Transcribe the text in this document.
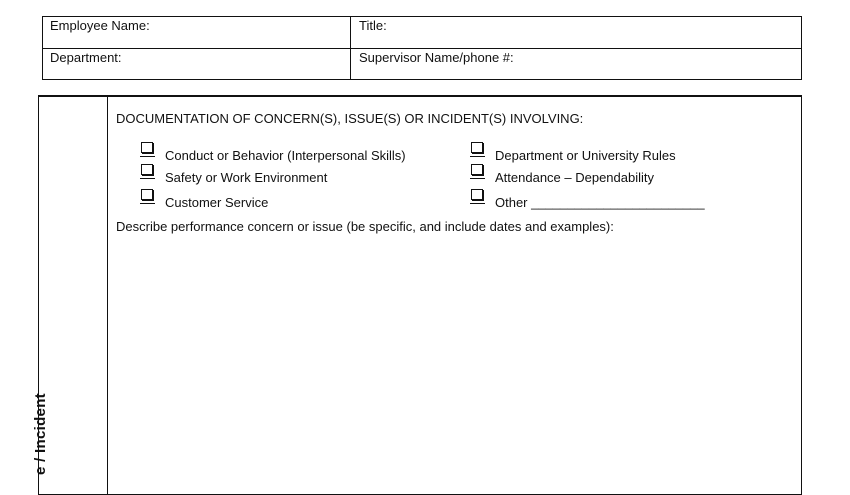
Employee Name:	Title:
Department:	Supervisor Name/phone #:
e / Incident
DOCUMENTATION OF CONCERN(S), ISSUE(S) OR INCIDENT(S) INVOLVING:
Conduct or Behavior (Interpersonal Skills)
Safety or Work Environment
Customer Service
Department or University Rules
Attendance – Dependability
Other ________________________
Describe performance concern or issue (be specific, and include dates and examples):
